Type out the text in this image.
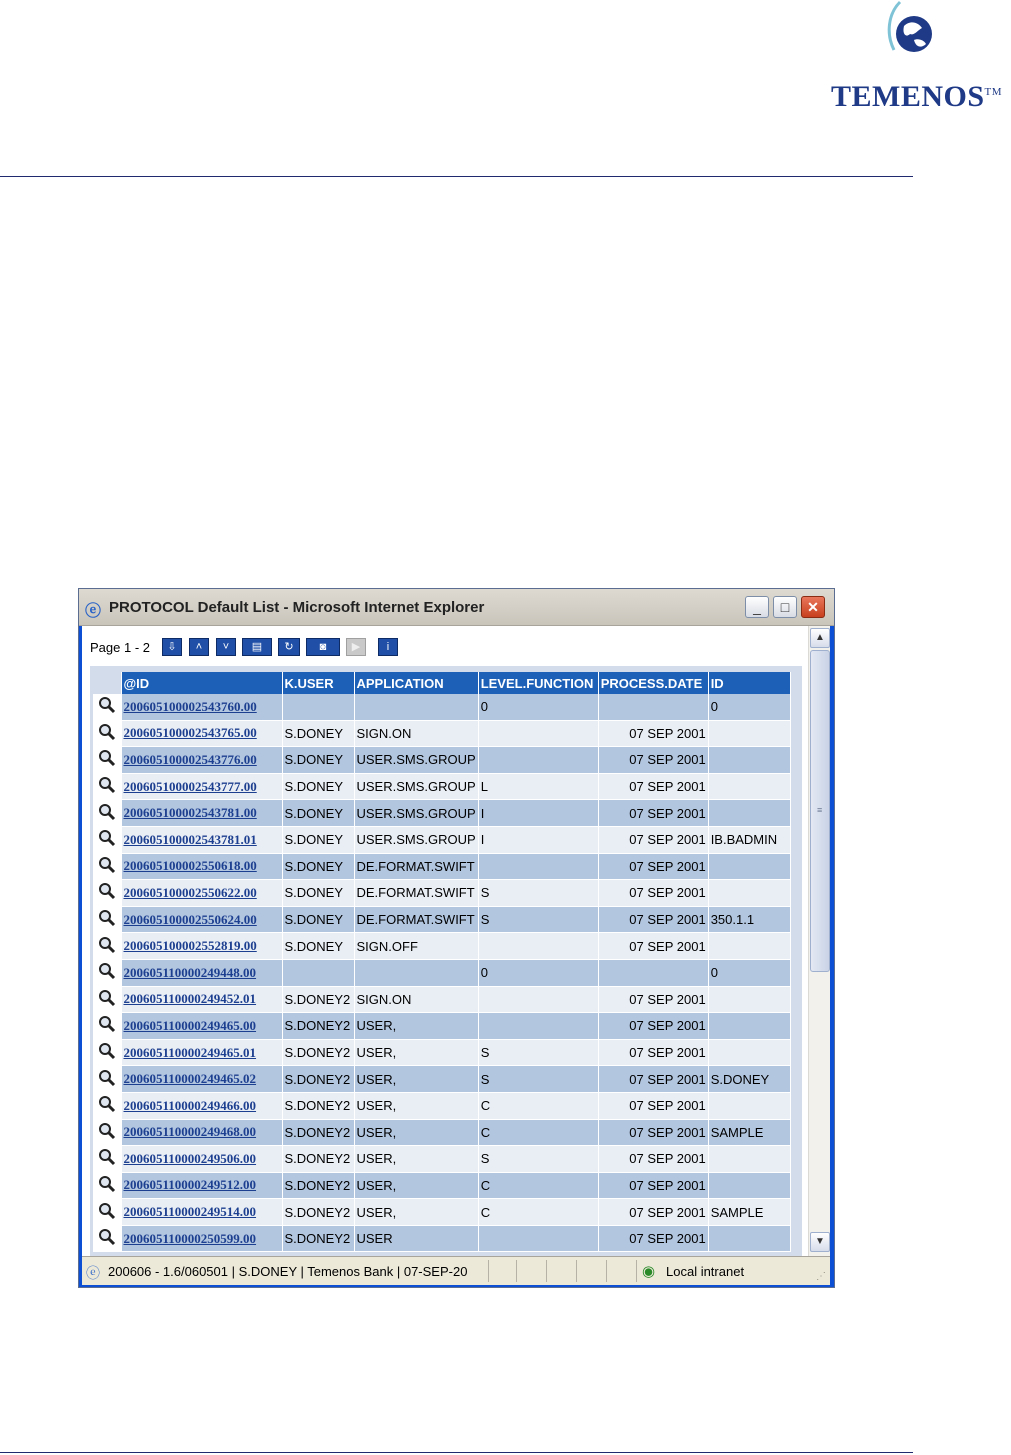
TEMENOS™
ⓔ PROTOCOL Default List - Microsoft Internet Explorer	_	□	✕
Page 1 - 2	⇩	˄	˅	▤	↻	◙	▶	i
	@ID	K.USER	APPLICATION	LEVEL.FUNCTION	PROCESS.DATE	ID
	200605100002543760.00			0		0
	200605100002543765.00	S.DONEY	SIGN.ON		07 SEP 2001	
	200605100002543776.00	S.DONEY	USER.SMS.GROUP		07 SEP 2001	
	200605100002543777.00	S.DONEY	USER.SMS.GROUP	L	07 SEP 2001	
	200605100002543781.00	S.DONEY	USER.SMS.GROUP	I	07 SEP 2001	
	200605100002543781.01	S.DONEY	USER.SMS.GROUP	I	07 SEP 2001	IB.BADMIN
	200605100002550618.00	S.DONEY	DE.FORMAT.SWIFT		07 SEP 2001	
	200605100002550622.00	S.DONEY	DE.FORMAT.SWIFT	S	07 SEP 2001	
	200605100002550624.00	S.DONEY	DE.FORMAT.SWIFT	S	07 SEP 2001	350.1.1
	200605100002552819.00	S.DONEY	SIGN.OFF		07 SEP 2001	
	200605110000249448.00			0		0
	200605110000249452.01	S.DONEY2	SIGN.ON		07 SEP 2001	
	200605110000249465.00	S.DONEY2	USER,		07 SEP 2001	
	200605110000249465.01	S.DONEY2	USER,	S	07 SEP 2001	
	200605110000249465.02	S.DONEY2	USER,	S	07 SEP 2001	S.DONEY
	200605110000249466.00	S.DONEY2	USER,	C	07 SEP 2001	
	200605110000249468.00	S.DONEY2	USER,	C	07 SEP 2001	SAMPLE
	200605110000249506.00	S.DONEY2	USER,	S	07 SEP 2001	
	200605110000249512.00	S.DONEY2	USER,	C	07 SEP 2001	
	200605110000249514.00	S.DONEY2	USER,	C	07 SEP 2001	SAMPLE
	200605110000250599.00	S.DONEY2	USER		07 SEP 2001	
▲
≡
▼
ⓔ 200606 - 1.6/060501 | S.DONEY | Temenos Bank | 07-SEP-20	◉ Local intranet	⋰
